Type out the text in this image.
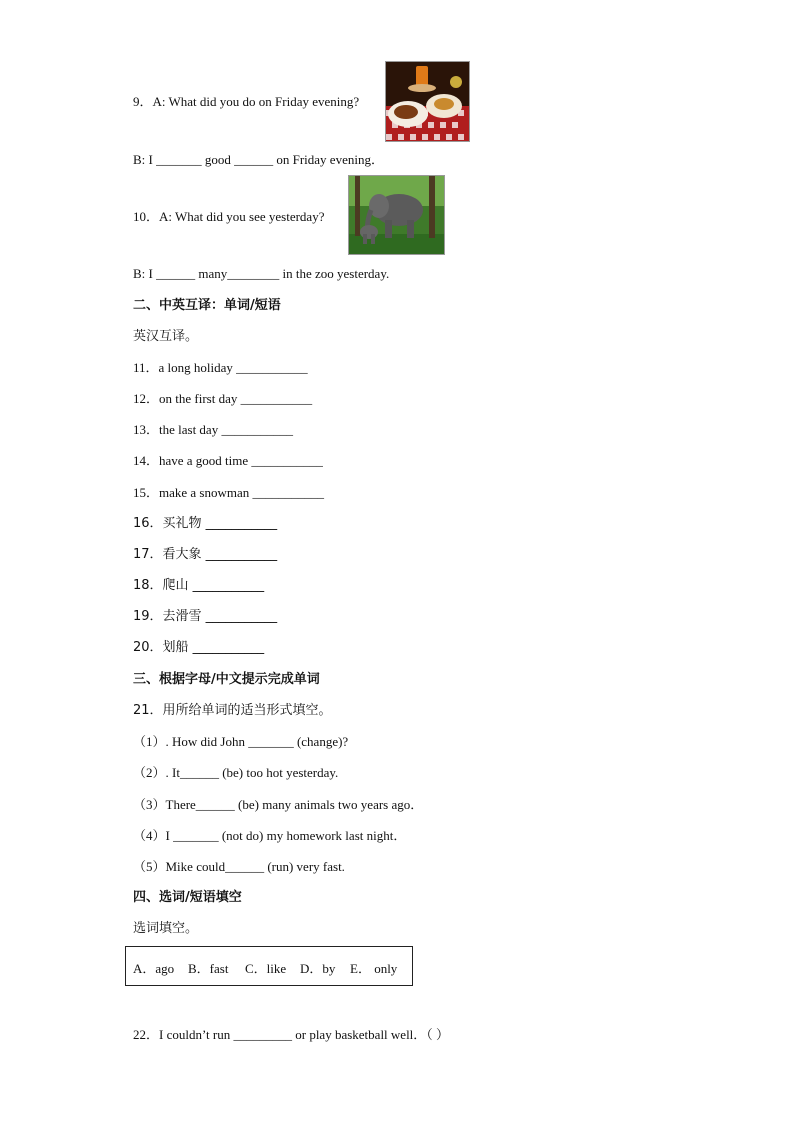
9．A: What did you do on Friday evening?
B: I _______ good ______ on Friday evening．
10．A: What did you see yesterday?
B: I ______ many________ in the zoo yesterday.
二、中英互译：单词/短语
英汉互译。
11．a long holiday ___________
12．on the first day ___________
13．the last day ___________
14．have a good time ___________
15．make a snowman ___________
16．买礼物 ___________
17．看大象 ___________
18．爬山 ___________
19．去滑雪 ___________
20．划船 ___________
三、根据字母/中文提示完成单词
21．用所给单词的适当形式填空。
（1）. How did John _______ (change)?
（2）. It______ (be) too hot yesterday.
（3）There______ (be) many animals two years ago．
（4）I _______ (not do) my homework last night．
（5）Mike could______ (run) very fast.
四、选词/短语填空
选词填空。
A．ago B．fast C．like D．by E． only
22．I couldn’t run _________ or play basketball well．（ ）
